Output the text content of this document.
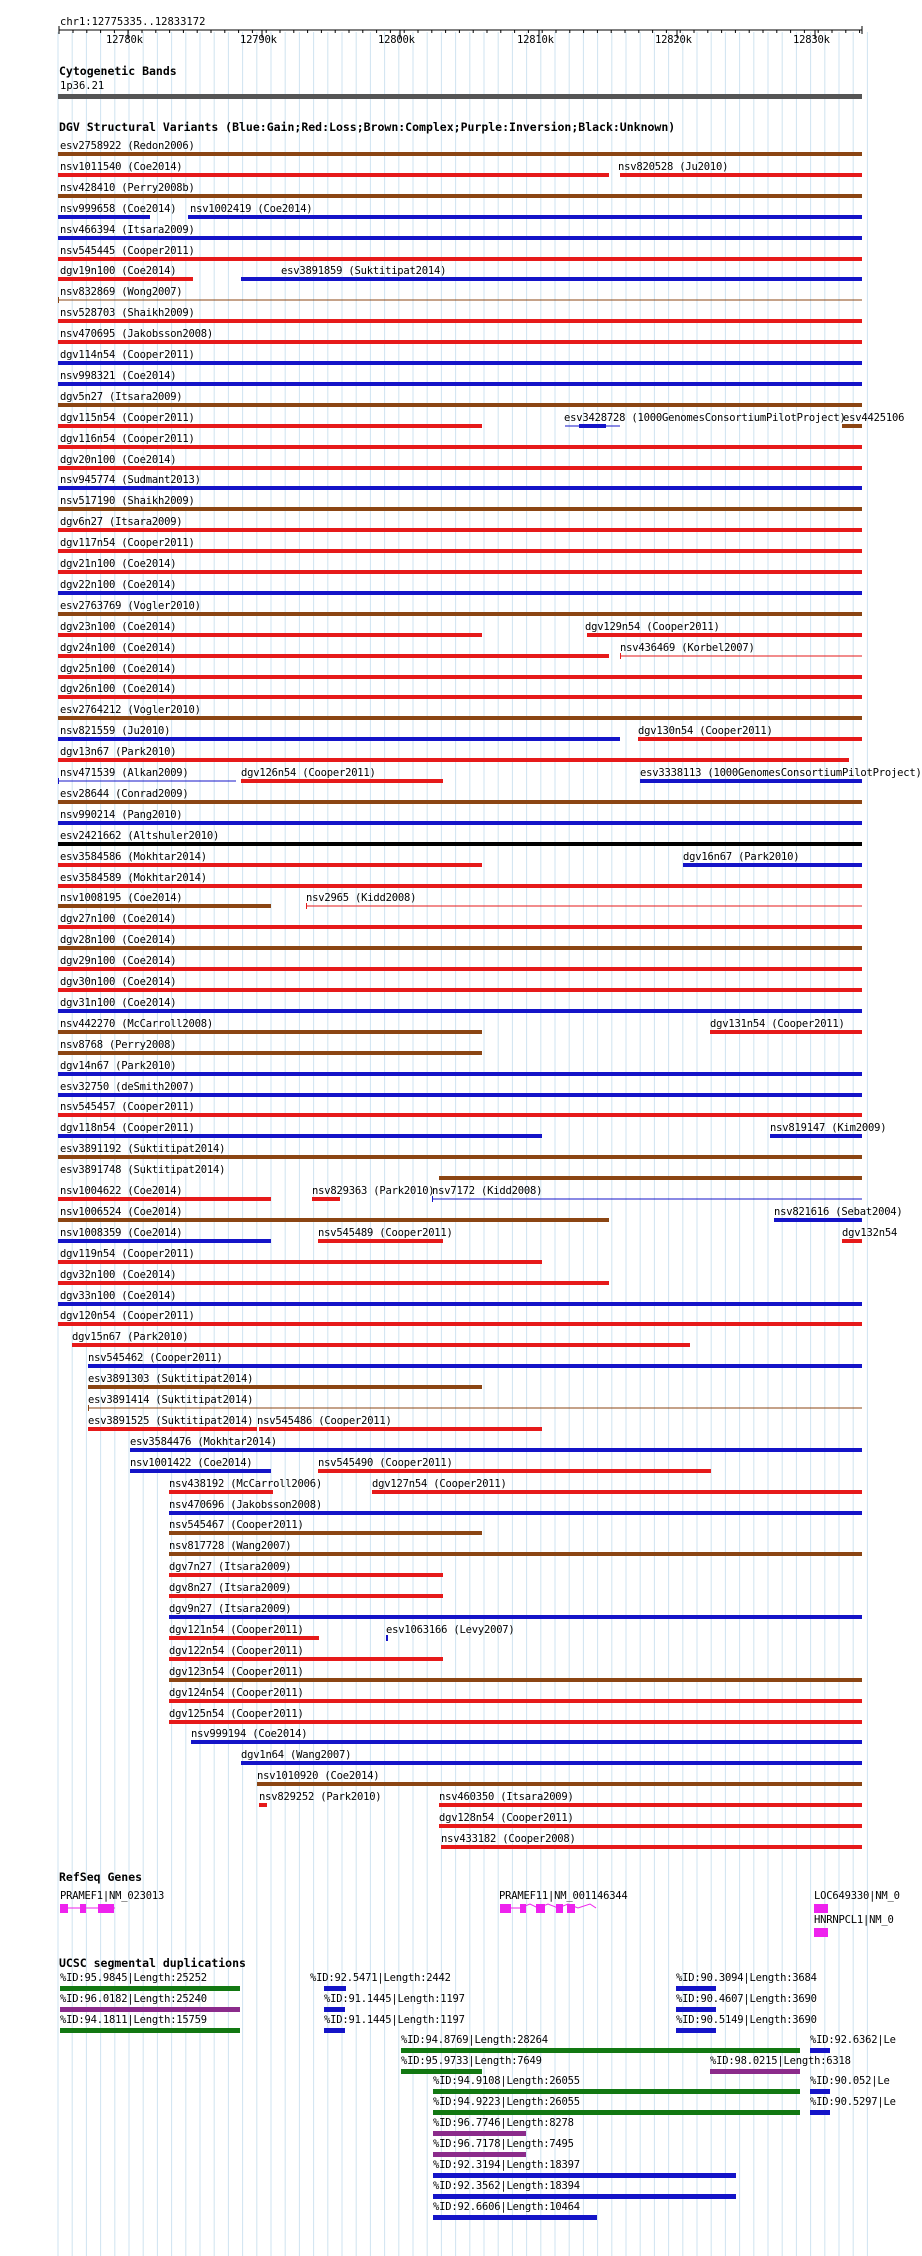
chr1:12775335..12833172
Cytogenetic Bands
1p36.21
DGV Structural Variants (Blue:Gain;Red:Loss;Brown:Complex;Purple:Inversion;Black:Unknown)
RefSeq Genes
UCSC segmental duplications
12780k	12790k	12800k	12810k	12820k	12830k
esv2758922 (Redon2006)
nsv1011540 (Coe2014)	nsv820528 (Ju2010)
nsv428410 (Perry2008b)
nsv999658 (Coe2014) nsv1002419 (Coe2014)
nsv466394 (Itsara2009)
nsv545445 (Cooper2011)
dgv19n100 (Coe2014)	esv3891859 (Suktitipat2014)
nsv832869 (Wong2007)
nsv528703 (Shaikh2009)
nsv470695 (Jakobsson2008)
dgv114n54 (Cooper2011)
nsv998321 (Coe2014)
dgv5n27 (Itsara2009)
dgv115n54 (Cooper2011)	esv3428728 (1000GenomesConsortiumPilotProject)
esv4425106
dgv116n54 (Cooper2011)
dgv20n100 (Coe2014)
nsv945774 (Sudmant2013)
nsv517190 (Shaikh2009)
dgv6n27 (Itsara2009)
dgv117n54 (Cooper2011)
dgv21n100 (Coe2014)
dgv22n100 (Coe2014)
esv2763769 (Vogler2010)
dgv23n100 (Coe2014)	dgv129n54 (Cooper2011)
dgv24n100 (Coe2014)	nsv436469 (Korbel2007)
dgv25n100 (Coe2014)
dgv26n100 (Coe2014)
esv2764212 (Vogler2010)
nsv821559 (Ju2010)	dgv130n54 (Cooper2011)
dgv13n67 (Park2010)
nsv471539 (Alkan2009)	dgv126n54 (Cooper2011)	esv3338113 (1000GenomesConsortiumPilotProject)
esv28644 (Conrad2009)
nsv990214 (Pang2010)
esv2421662 (Altshuler2010)
esv3584586 (Mokhtar2014)	dgv16n67 (Park2010)
esv3584589 (Mokhtar2014)
nsv1008195 (Coe2014)	nsv2965 (Kidd2008)
dgv27n100 (Coe2014)
dgv28n100 (Coe2014)
dgv29n100 (Coe2014)
dgv30n100 (Coe2014)
dgv31n100 (Coe2014)
nsv442270 (McCarroll2008)	dgv131n54 (Cooper2011)
nsv8768 (Perry2008)
dgv14n67 (Park2010)
esv32750 (deSmith2007)
nsv545457 (Cooper2011)
dgv118n54 (Cooper2011)	nsv819147 (Kim2009)
esv3891192 (Suktitipat2014)
esv3891748 (Suktitipat2014)
nsv1004622 (Coe2014)	nsv829363 (Park2010)
nsv7172 (Kidd2008)
nsv1006524 (Coe2014)	nsv821616 (Sebat2004)
nsv1008359 (Coe2014)	nsv545489 (Cooper2011)	dgv132n54
dgv119n54 (Cooper2011)
dgv32n100 (Coe2014)
dgv33n100 (Coe2014)
dgv120n54 (Cooper2011)
dgv15n67 (Park2010)
nsv545462 (Cooper2011)
esv3891303 (Suktitipat2014)
esv3891414 (Suktitipat2014)
esv3891525 (Suktitipat2014) nsv545486 (Cooper2011)
esv3584476 (Mokhtar2014)
nsv1001422 (Coe2014)	nsv545490 (Cooper2011)
nsv438192 (McCarroll2006)	dgv127n54 (Cooper2011)
nsv470696 (Jakobsson2008)
nsv545467 (Cooper2011)
nsv817728 (Wang2007)
dgv7n27 (Itsara2009)
dgv8n27 (Itsara2009)
dgv9n27 (Itsara2009)
dgv121n54 (Cooper2011)	esv1063166 (Levy2007)
dgv122n54 (Cooper2011)
dgv123n54 (Cooper2011)
dgv124n54 (Cooper2011)
dgv125n54 (Cooper2011)
nsv999194 (Coe2014)
dgv1n64 (Wang2007)
nsv1010920 (Coe2014)
nsv829252 (Park2010)	nsv460350 (Itsara2009)
dgv128n54 (Cooper2011)
nsv433182 (Cooper2008)
%ID:95.9845|Length:25252
%ID:96.0182|Length:25240
%ID:94.1811|Length:15759
%ID:92.5471|Length:2442
%ID:91.1445|Length:1197
%ID:91.1445|Length:1197
%ID:90.3094|Length:3684
%ID:90.4607|Length:3690
%ID:90.5149|Length:3690
%ID:94.8769|Length:28264	%ID:92.6362|Le
%ID:95.9733|Length:7649	%ID:98.0215|Length:6318
%ID:94.9108|Length:26055	%ID:90.052|Le
%ID:94.9223|Length:26055	%ID:90.5297|Le
%ID:96.7746|Length:8278
%ID:96.7178|Length:7495
%ID:92.3194|Length:18397
%ID:92.3562|Length:18394
%ID:92.6606|Length:10464
PRAMEF1|NM_023013	PRAMEF11|NM_001146344	LOC649330|NM_0
HNRNPCL1|NM_0
